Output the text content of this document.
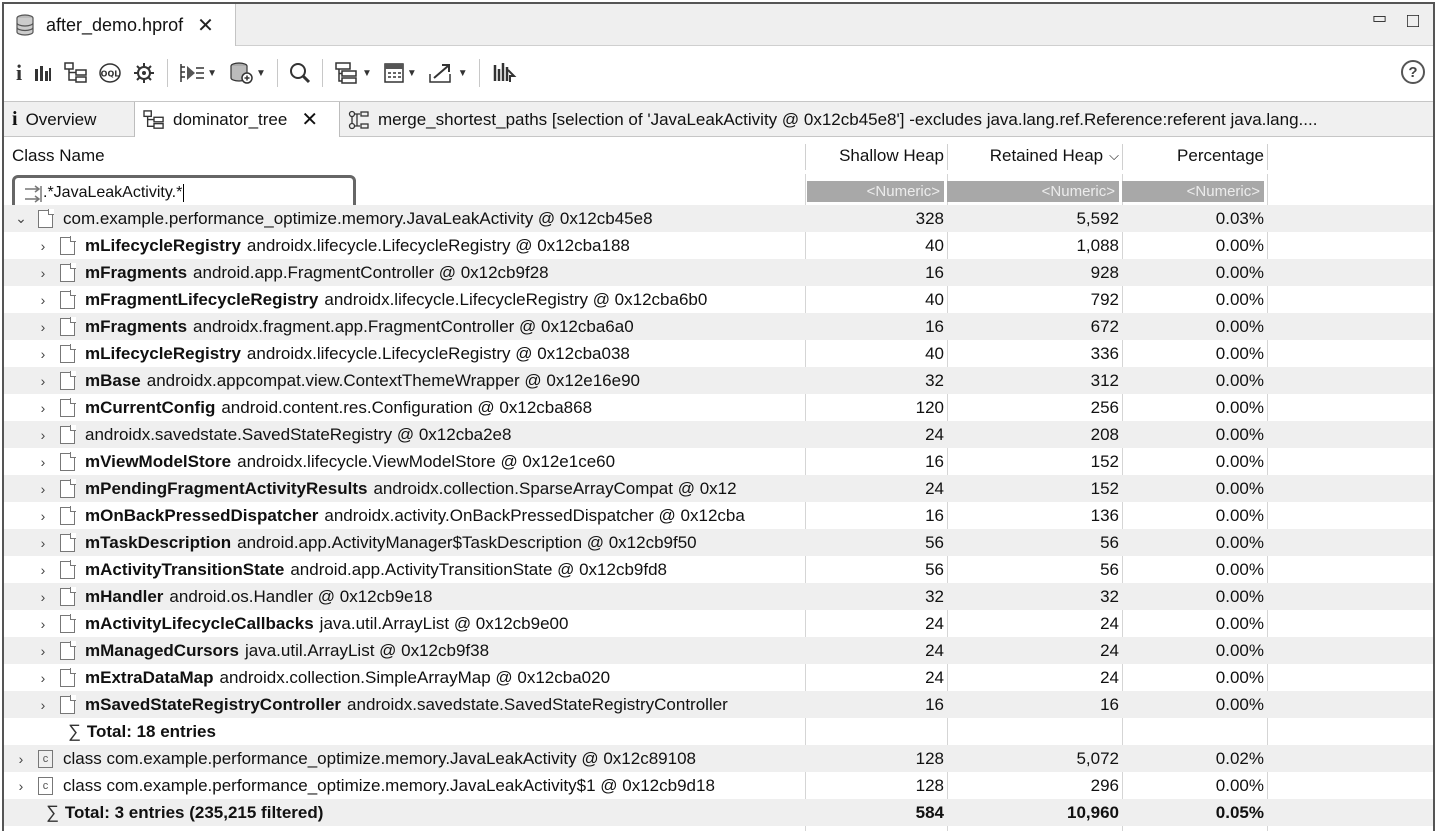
after_demo.hprof ✕	▭ □
i	OQL	▼	▼	▼	▼	▼	?
i Overview	dominator_tree ✕	merge_shortest_paths [selection of 'JavaLeakActivity @ 0x12cb45e8'] -excludes java.lang.ref.Reference:referent java.lang....
Class Name	Shallow Heap	Retained Heap ⌵	Percentage
.*JavaLeakActivity.*	<Numeric>	<Numeric>	<Numeric>
⌄ com.example.performance_optimize.memory.JavaLeakActivity @ 0x12cb45e8	328	5,592	0.03%
› mLifecycleRegistry androidx.lifecycle.LifecycleRegistry @ 0x12cba188	40	1,088	0.00%
› mFragments android.app.FragmentController @ 0x12cb9f28	16	928	0.00%
› mFragmentLifecycleRegistry androidx.lifecycle.LifecycleRegistry @ 0x12cba6b0	40	792	0.00%
› mFragments androidx.fragment.app.FragmentController @ 0x12cba6a0	16	672	0.00%
› mLifecycleRegistry androidx.lifecycle.LifecycleRegistry @ 0x12cba038	40	336	0.00%
› mBase androidx.appcompat.view.ContextThemeWrapper @ 0x12e16e90	32	312	0.00%
› mCurrentConfig android.content.res.Configuration @ 0x12cba868	120	256	0.00%
› androidx.savedstate.SavedStateRegistry @ 0x12cba2e8	24	208	0.00%
› mViewModelStore androidx.lifecycle.ViewModelStore @ 0x12e1ce60	16	152	0.00%
› mPendingFragmentActivityResults androidx.collection.SparseArrayCompat @ 0x12	24	152	0.00%
› mOnBackPressedDispatcher androidx.activity.OnBackPressedDispatcher @ 0x12cba	16	136	0.00%
› mTaskDescription android.app.ActivityManager$TaskDescription @ 0x12cb9f50	56	56	0.00%
› mActivityTransitionState android.app.ActivityTransitionState @ 0x12cb9fd8	56	56	0.00%
› mHandler android.os.Handler @ 0x12cb9e18	32	32	0.00%
› mActivityLifecycleCallbacks java.util.ArrayList @ 0x12cb9e00	24	24	0.00%
› mManagedCursors java.util.ArrayList @ 0x12cb9f38	24	24	0.00%
› mExtraDataMap androidx.collection.SimpleArrayMap @ 0x12cba020	24	24	0.00%
› mSavedStateRegistryController androidx.savedstate.SavedStateRegistryController	16	16	0.00%
∑ Total: 18 entries
›	c class com.example.performance_optimize.memory.JavaLeakActivity @ 0x12c89108	128	5,072	0.02%
›	c class com.example.performance_optimize.memory.JavaLeakActivity$1 @ 0x12cb9d18	128	296	0.00%
∑ Total: 3 entries (235,215 filtered)	584	10,960	0.05%
